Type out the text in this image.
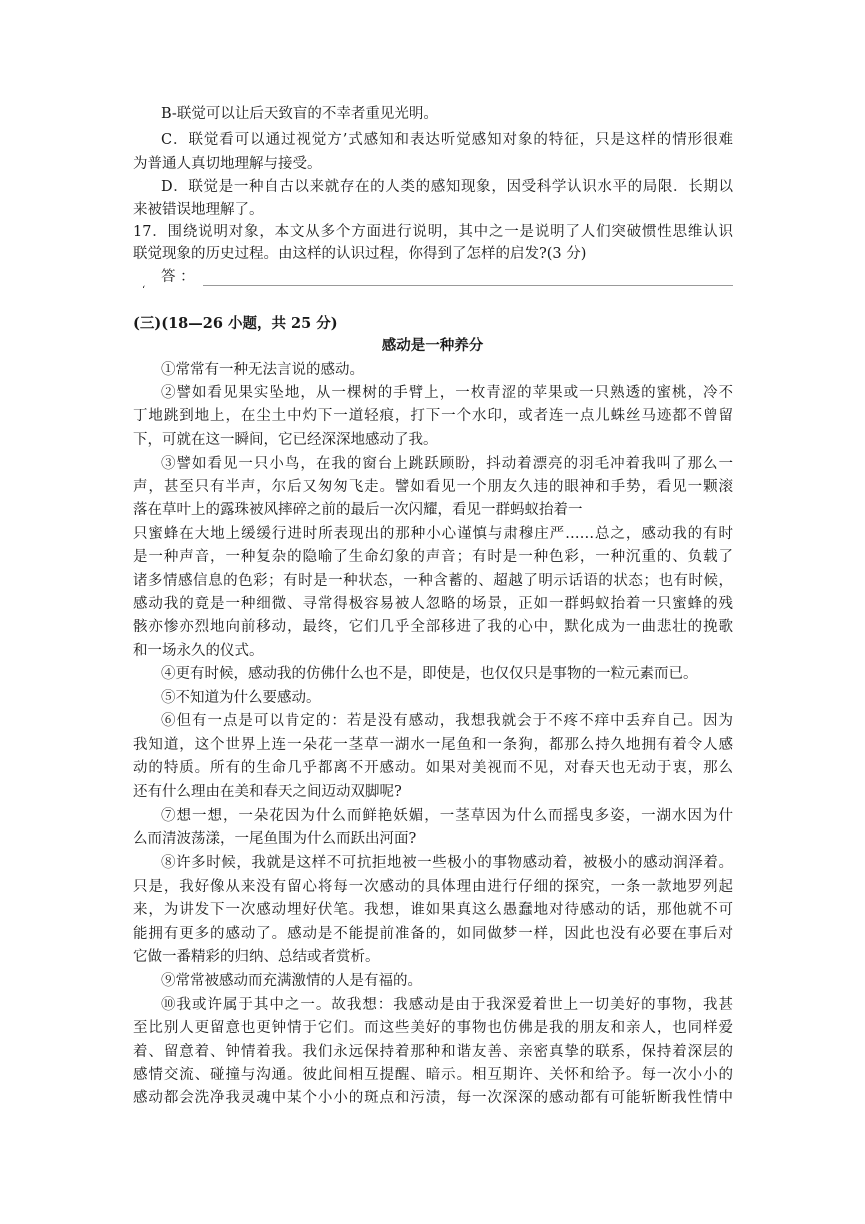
B-联觉可以让后天致盲的不幸者重见光明。
C．联觉看可以通过视觉方’式感知和表达听觉感知对象的特征，只是这样的情形很难
为普通人真切地理解与接受。
D．联觉是一种自古以来就存在的人类的感知现象，因受科学认识水平的局限．长期以
来被错误地理解了。
17．围绕说明对象，本文从多个方面进行说明，其中之一是说明了人们突破惯性思维认识
联觉现象的历史过程。由这样的认识过程，你得到了怎样的启发?(3 分)
答 ：
‘
(三)(18—26 小题，共 25 分)
感动是一种养分
①常常有一种无法言说的感动。
②譬如看见果实坠地，从一棵树的手臂上，一枚青涩的苹果或一只熟透的蜜桃，冷不
丁地跳到地上，在尘土中灼下一道轻痕，打下一个水印，或者连一点儿蛛丝马迹都不曾留
下，可就在这一瞬间，它已经深深地感动了我。
③譬如看见一只小鸟，在我的窗台上跳跃顾盼，抖动着漂亮的羽毛冲着我叫了那么一
声，甚至只有半声，尔后又匆匆飞走。譬如看见一个朋友久违的眼神和手势，看见一颗滚
落在草叶上的露珠被风摔碎之前的最后一次闪耀，看见一群蚂蚁抬着一
只蜜蜂在大地上缓缓行进时所表现出的那种小心谨慎与肃穆庄严……总之，感动我的有时
是一种声音，一种复杂的隐喻了生命幻象的声音；有时是一种色彩，一种沉重的、负载了
诸多情感信息的色彩；有时是一种状态，一种含蓄的、超越了明示话语的状态；也有时候，
感动我的竟是一种细微、寻常得极容易被人忽略的场景，正如一群蚂蚁抬着一只蜜蜂的残
骸亦惨亦烈地向前移动，最终，它们几乎全部移进了我的心中，默化成为一曲悲壮的挽歌
和一场永久的仪式。
④更有时候，感动我的仿佛什么也不是，即使是，也仅仅只是事物的一粒元素而已。
⑤不知道为什么要感动。
⑥但有一点是可以肯定的：若是没有感动，我想我就会于不疼不痒中丢弃自己。因为
我知道，这个世界上连一朵花一茎草一湖水一尾鱼和一条狗，都那么持久地拥有着令人感
动的特质。所有的生命几乎都离不开感动。如果对美视而不见，对春天也无动于衷，那么
还有什么理由在美和春天之间迈动双脚呢?
⑦想一想，一朵花因为什么而鲜艳妖媚，一茎草因为什么而摇曳多姿，一湖水因为什
么而清波荡漾，一尾鱼围为什么而跃出河面?
⑧许多时候，我就是这样不可抗拒地被一些极小的事物感动着，被极小的感动润泽着。
只是，我好像从来没有留心将每一次感动的具体理由进行仔细的探究，一条一款地罗列起
来，为讲发下一次感动埋好伏笔。我想，谁如果真这么愚蠢地对待感动的话，那他就不可
能拥有更多的感动了。感动是不能提前准备的，如同做梦一样，因此也没有必要在事后对
它做一番精彩的归纳、总结或者赏析。
⑨常常被感动而充满激情的人是有福的。
⑩我或许属于其中之一。故我想：我感动是由于我深爱着世上一切美好的事物，我甚
至比别人更留意也更钟情于它们。而这些美好的事物也仿佛是我的朋友和亲人，也同样爱
着、留意着、钟情着我。我们永远保持着那种和谐友善、亲密真挚的联系，保持着深层的
感情交流、碰撞与沟通。彼此间相互提醒、暗示。相互期许、关怀和给予。每一次小小的
感动都会洗净我灵魂中某个小小的斑点和污渍，每一次深深的感动都有可能斩断我性情中
